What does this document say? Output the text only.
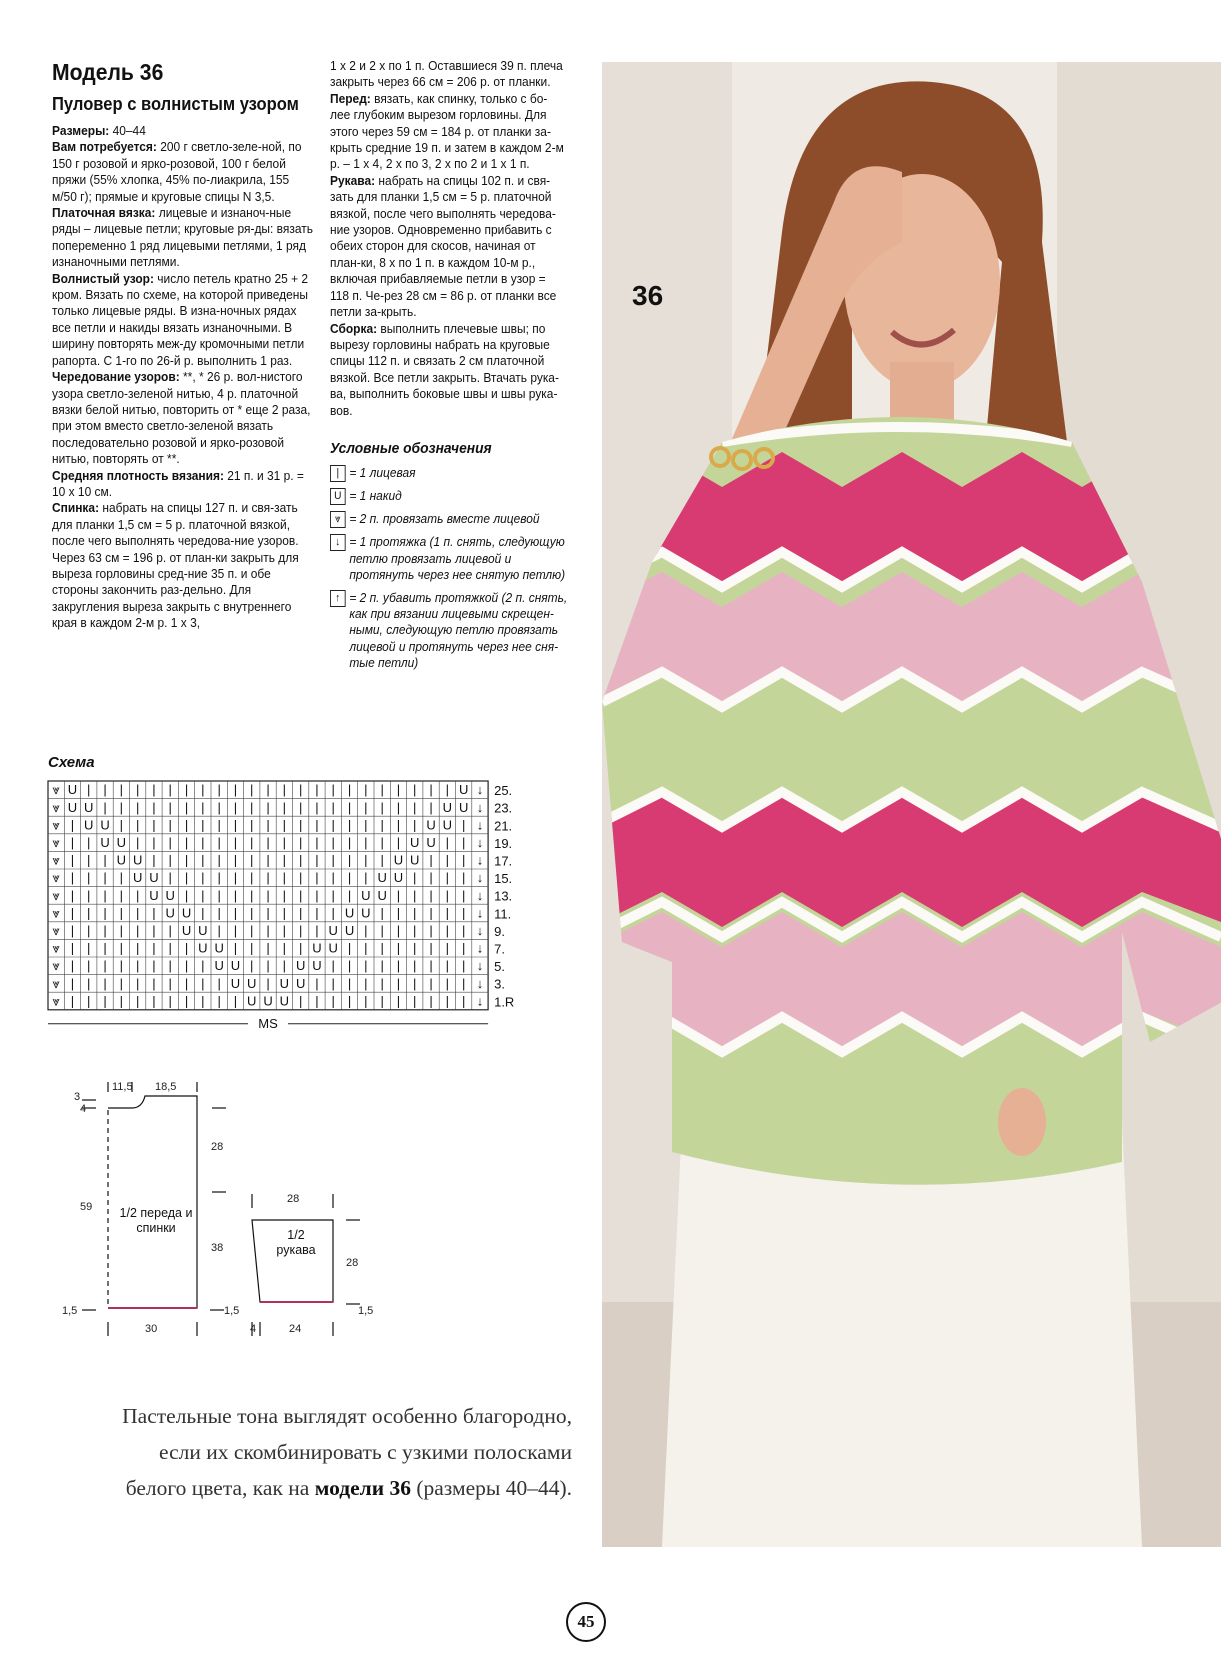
Модель 36
Пуловер с волнистым узором

Размеры: 40–44

Вам потребуется: 200 г светло-зеле-ной, по 150 г розовой и ярко-розовой, 100 г белой пряжи (55% хлопка, 45% по-лиакрила, 155 м/50 г); прямые и круговые спицы N 3,5.

Платочная вязка: лицевые и изнаноч-ные ряды – лицевые петли; круговые ря-ды: вязать попеременно 1 ряд лицевыми петлями, 1 ряд изнаночными петлями.

Волнистый узор: число петель кратно 25 + 2 кром. Вязать по схеме, на которой приведены только лицевые ряды. В изна-ночных рядах все петли и накиды вязать изнаночными. В ширину повторять меж-ду кромочными петли рапорта. С 1-го по 26-й р. выполнить 1 раз.

Чередование узоров: **, * 26 р. вол-нистого узора светло-зеленой нитью, 4 р. платочной вязки белой нитью, повторить от * еще 2 раза, при этом вместо светло-зеленой вязать последовательно розовой и ярко-розовой нитью, повторять от **.

Средняя плотность вязания: 21 п. и 31 р. = 10 х 10 см.

Спинка: набрать на спицы 127 п. и свя-зать для планки 1,5 см = 5 р. платочной вязкой, после чего выполнять чередова-ние узоров. Через 63 см = 196 р. от план-ки закрыть для выреза горловины сред-ние 35 п. и обе стороны закончить раз-дельно. Для закругления выреза закрыть с внутреннего края в каждом 2-м р. 1 х 3,

1 х 2 и 2 х по 1 п. Оставшиеся 39 п. плеча закрыть через 66 см = 206 р. от планки.

Перед: вязать, как спинку, только с бо-лее глубоким вырезом горловины. Для этого через 59 см = 184 р. от планки за-крыть средние 19 п. и затем в каждом 2-м р. – 1 х 4, 2 х по 3, 2 х по 2 и 1 х 1 п.

Рукава: набрать на спицы 102 п. и свя-зать для планки 1,5 см = 5 р. платочной вязкой, после чего выполнять чередова-ние узоров. Одновременно прибавить с обеих сторон для скосов, начиная от план-ки, 8 х по 1 п. в каждом 10-м р., включая прибавляемые петли в узор = 118 п. Че-рез 28 см = 86 р. от планки все петли за-крыть.

Сборка: выполнить плечевые швы; по вырезу горловины набрать на круговые спицы 112 п. и связать 2 см платочной вязкой. Все петли закрыть. Втачать рука-ва, выполнить боковые швы и швы рука-вов.

Условные обозначения
| = 1 лицевая
U = 1 накид
⩔ = 2 п. провязать вместе лицевой
↓ = 1 протяжка (1 п. снять, следующую петлю провязать лицевой и протянуть через нее снятую петлю)
↑ = 2 п. убавить протяжкой (2 п. снять, как при вязании лицевыми скрещен-ными, следующую петлю провязать лицевой и протянуть через нее сня-тые петли)
Схема
⩔ U | | | | | | | | | | | | | | | | | | | | | | | U ↓
⩔ U U | | | | | | | | | | | | | | | | | | | | | U U ↓
⩔ | U U | | | | | | | | | | | | | | | | | | | U U | ↓
⩔ | | U U | | | | | | | | | | | | | | | | | U U | | ↓
⩔ | | | U U | | | | | | | | | | | | | | | U U | | | ↓
⩔ | | | | U U | | | | | | | | | | | | | U U | | | | ↓
⩔ | | | | | U U | | | | | | | | | | | U U | | | | | ↓
⩔ | | | | | | U U | | | | | | | | | U U | | | | | | ↓
⩔ | | | | | | | U U | | | | | | | U U | | | | | | | ↓
⩔ | | | | | | | | U U | | | | | U U | | | | | | | | ↓
⩔ | | | | | | | | | U U | | | U U | | | | | | | | | ↓
⩔ | | | | | | | | | | U U | U U | | | | | | | | | | ↓
⩔ | | | | | | | | | | | U U U | | | | | | | | | | | ↓
25.
23.
21.
19.
17.
15.
13.
11.
9.
7.
5.
3.
1.R
MS
11,5 18,5
3
4
59
28
38
1,5	1,5
30
1/2 переда и спинки
28
28
1,5
4	24
1/2 рукава
36
Пастельные тона выглядят особенно благородно,
если их скомбинировать с узкими полосками
белого цвета, как на модели 36 (размеры 40–44).
45
